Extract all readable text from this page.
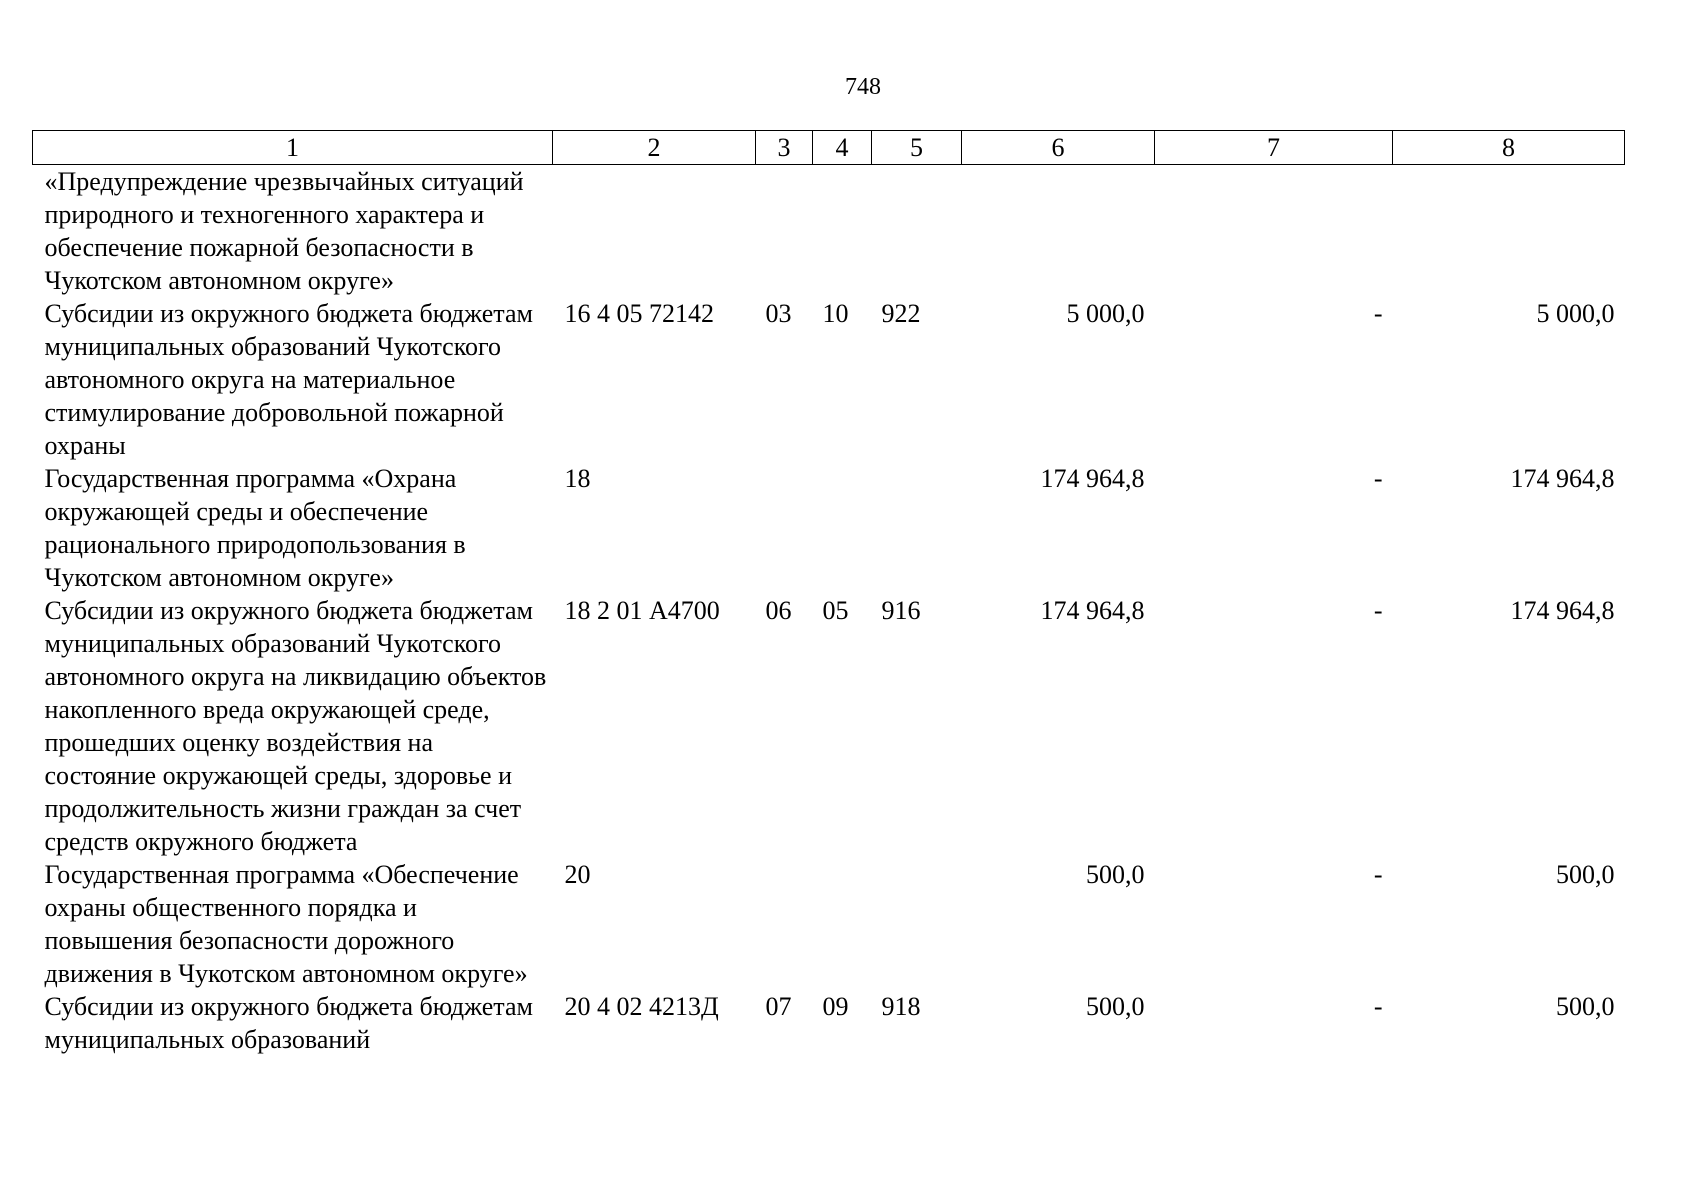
748
1	2	3	4	5	6	7	8
«Предупреждение чрезвычайных ситуаций природного и техногенного характера и обеспечение пожарной безопасности в Чукотском автономном округе»							
Субсидии из окружного бюджета бюджетам муниципальных образований Чукотского автономного округа на материальное стимулирование добровольной пожарной охраны	16 4 05 72142	03	10	922	5 000,0	-	5 000,0
Государственная программа «Охрана окружающей среды и обеспечение рационального природопользования в Чукотском автономном округе»	18				174 964,8	-	174 964,8
Субсидии из окружного бюджета бюджетам муниципальных образований Чукотского автономного округа на ликвидацию объектов накопленного вреда окружающей среде, прошедших оценку воздействия на состояние окружающей среды, здоровье и продолжительность жизни граждан за счет средств окружного бюджета	18 2 01 А4700	06	05	916	174 964,8	-	174 964,8
Государственная программа «Обеспечение охраны общественного порядка и повышения безопасности дорожного движения в Чукотском автономном округе»	20				500,0	-	500,0
Субсидии из окружного бюджета бюджетам муниципальных образований	20 4 02 4213Д	07	09	918	500,0	-	500,0
